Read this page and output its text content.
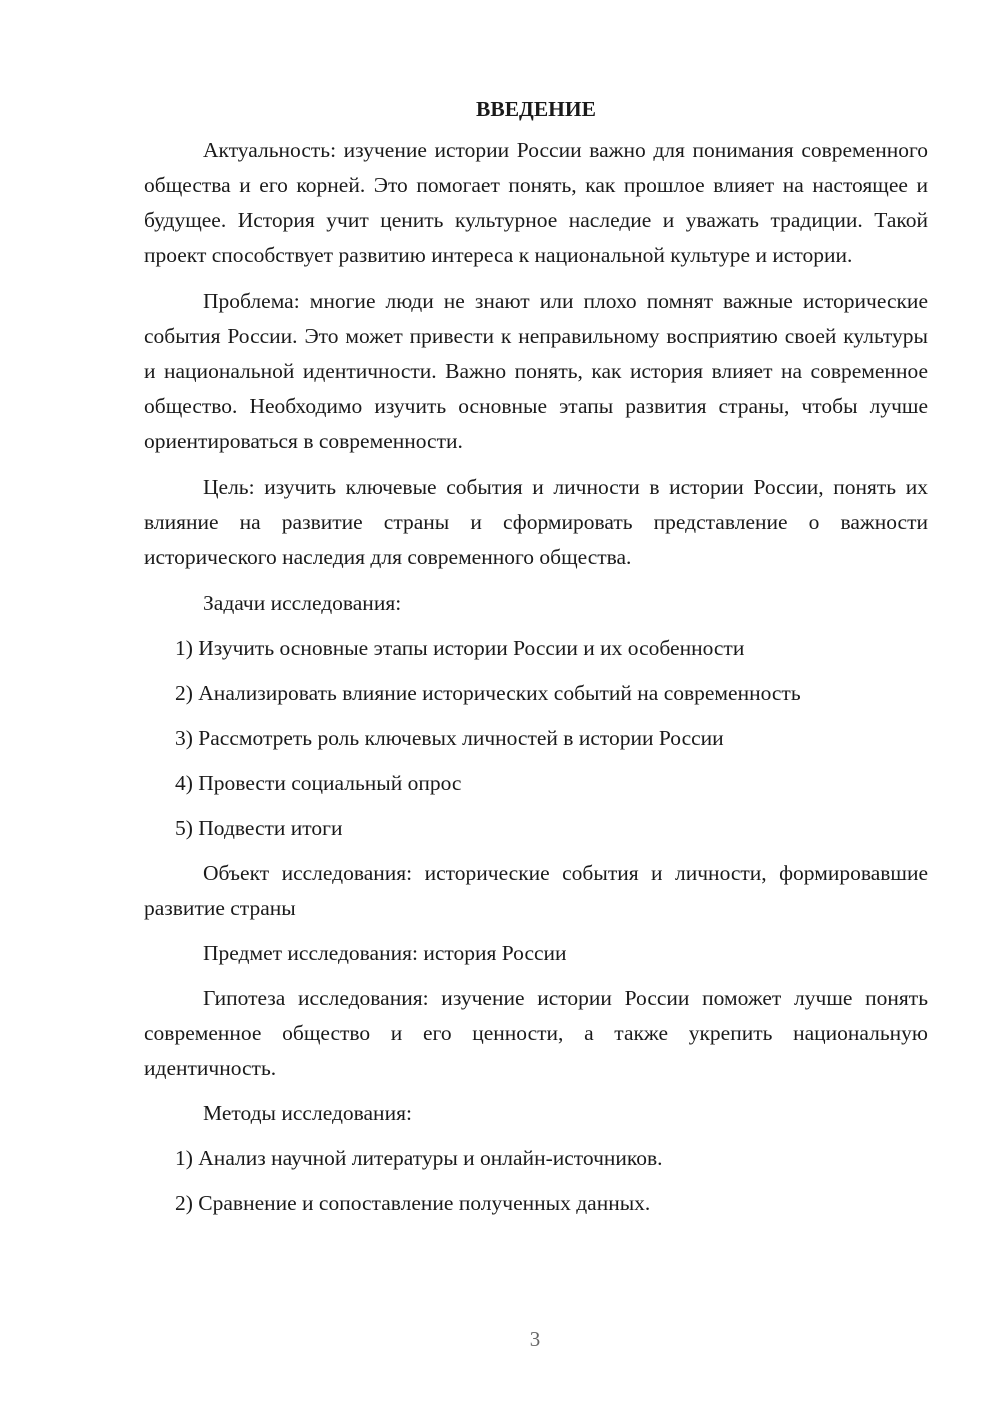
ВВЕДЕНИЕ

Актуальность: изучение истории России важно для понимания современного общества и его корней. Это помогает понять, как прошлое влияет на настоящее и будущее. История учит ценить культурное наследие и уважать традиции. Такой проект способствует развитию интереса к национальной культуре и истории.

Проблема: многие люди не знают или плохо помнят важные исторические события России. Это может привести к неправильному восприятию своей культуры и национальной идентичности. Важно понять, как история влияет на современное общество. Необходимо изучить основные этапы развития страны, чтобы лучше ориентироваться в современности.

Цель: изучить ключевые события и личности в истории России, понять их влияние на развитие страны и сформировать представление о важности исторического наследия для современного общества.

Задачи исследования:

1) Изучить основные этапы истории России и их особенности
2) Анализировать влияние исторических событий на современность
3) Рассмотреть роль ключевых личностей в истории России
4) Провести социальный опрос
5) Подвести итоги

Объект исследования: исторические события и личности, формировавшие развитие страны

Предмет исследования: история России

Гипотеза исследования: изучение истории России поможет лучше понять современное общество и его ценности, а также укрепить национальную идентичность.

Методы исследования:

1) Анализ научной литературы и онлайн-источников.
2) Сравнение и сопоставление полученных данных.
3
